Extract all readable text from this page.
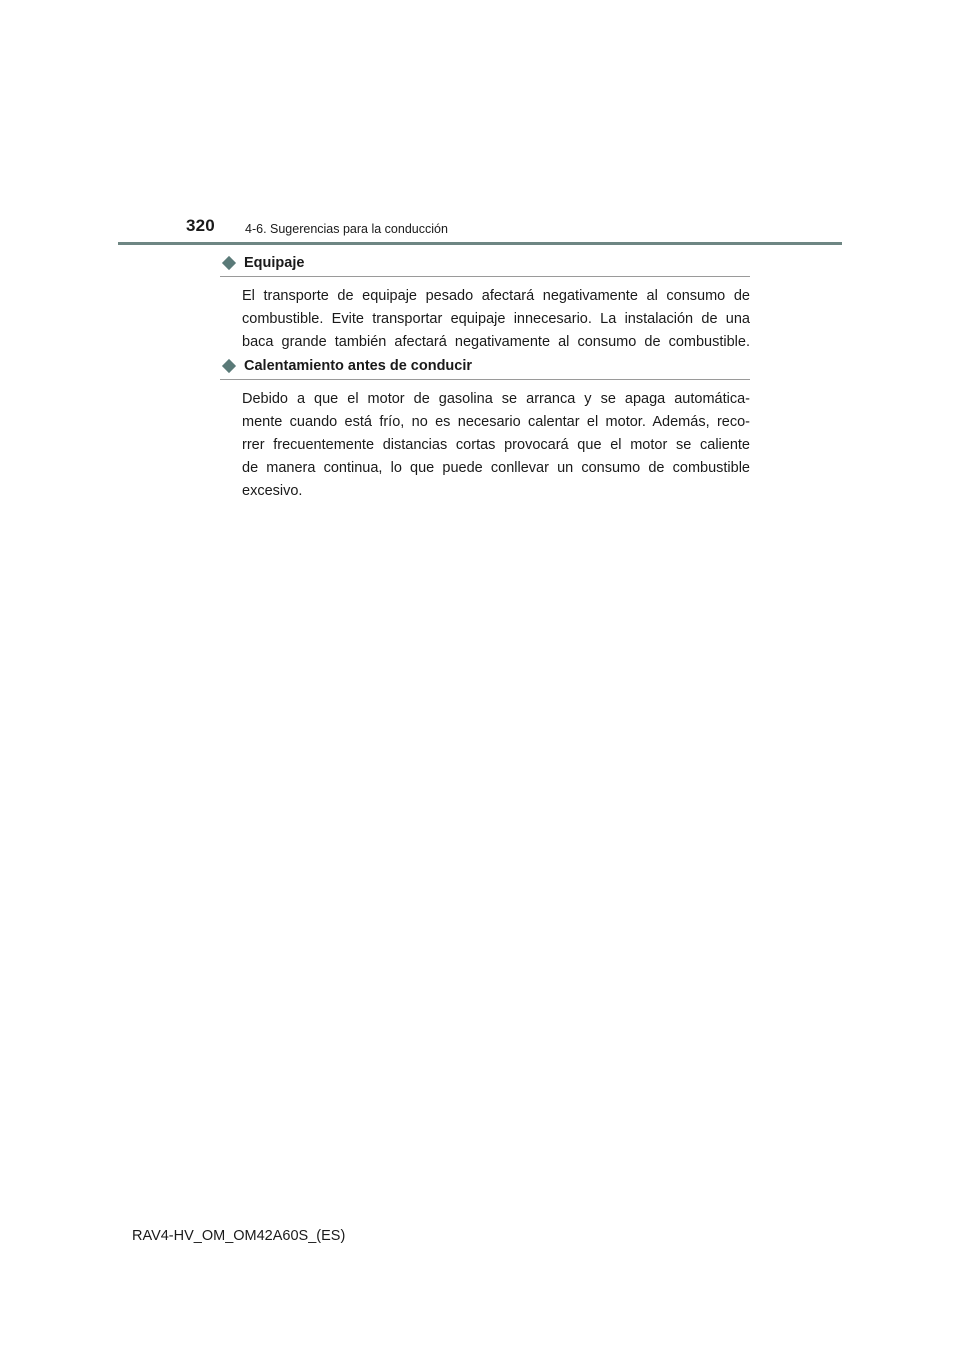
320 4-6. Sugerencias para la conducción
Equipaje

El transporte de equipaje pesado afectará negativamente al consumo de

combustible. Evite transportar equipaje innecesario. La instalación de una

baca grande también afectará negativamente al consumo de combustible.

Calentamiento antes de conducir

Debido a que el motor de gasolina se arranca y se apaga automática-

mente cuando está frío, no es necesario calentar el motor. Además, reco-

rrer frecuentemente distancias cortas provocará que el motor se caliente

de manera continua, lo que puede conllevar un consumo de combustible

excesivo.

RAV4-HV_OM_OM42A60S_(ES)
